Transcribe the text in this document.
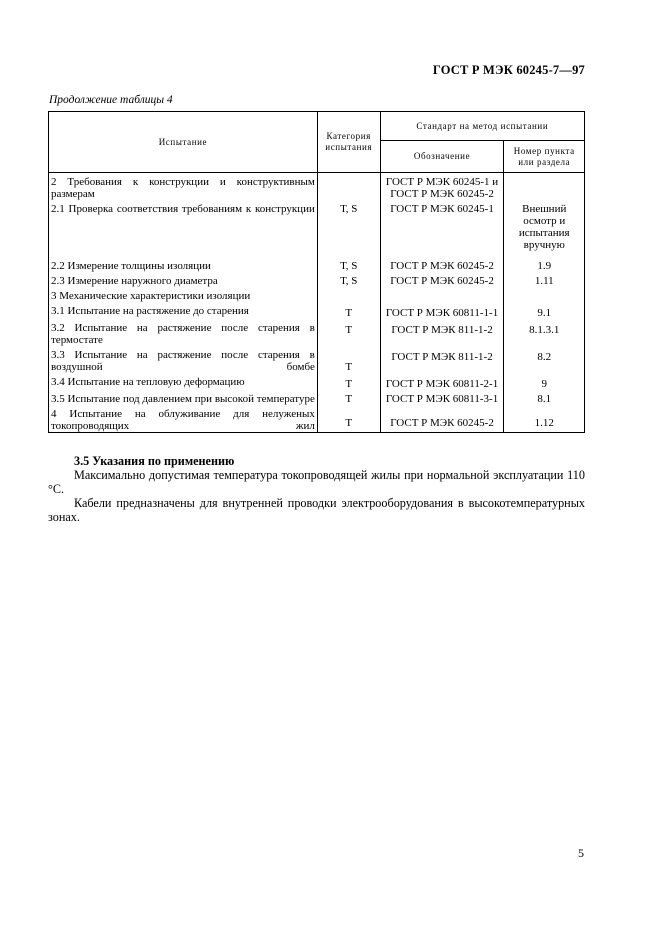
ГОСТ Р МЭК 60245-7—97
Продолжение таблицы 4
Испытание	Категория испытания	Стандарт на метод испытании	
		Обозначение	Номер пункта или раздела

2 Требования к конструкции и конструктивным размерам		ГОСТ Р МЭК 60245-1 и ГОСТ Р МЭК 60245-2	

2.1 Проверка соответствия требованиям к конструкции	Т, S	ГОСТ Р МЭК 60245-1	Внешний осмотр и испытания вручную
2.2 Измерение толщины изоляции	Т, S	ГОСТ Р МЭК 60245-2	1.9
2.3 Измерение наружного диаметра	Т, S	ГОСТ Р МЭК 60245-2	1.11
3 Механические характеристики изоляции			
3.1 Испытание на растяжение до старения	Т	ГОСТ Р МЭК 60811-1-1	9.1

3.2 Испытание на растяжение после старения в термостате	Т	ГОСТ Р МЭК 811-1-2	8.1.3.1

3.3 Испытание на растяжение после старения в воздушной бомбе	Т	ГОСТ Р МЭК 811-1-2	8.2
3.4 Испытание на тепловую деформацию	Т	ГОСТ Р МЭК 60811-2-1	9

3.5 Испытание под давлением при высокой температуре	Т	ГОСТ Р МЭК 60811-3-1	8.1

4 Испытание на облуживание для нелуженых токопроводящих жил	Т	ГОСТ Р МЭК 60245-2	1.12
3.5 Указания по применению

Максимально допустимая температура токопроводящей жилы при нормальной эксплуатации 110 °С.

Кабели предназначены для внутренней проводки электрооборудования в высокотемпературных зонах.

5
